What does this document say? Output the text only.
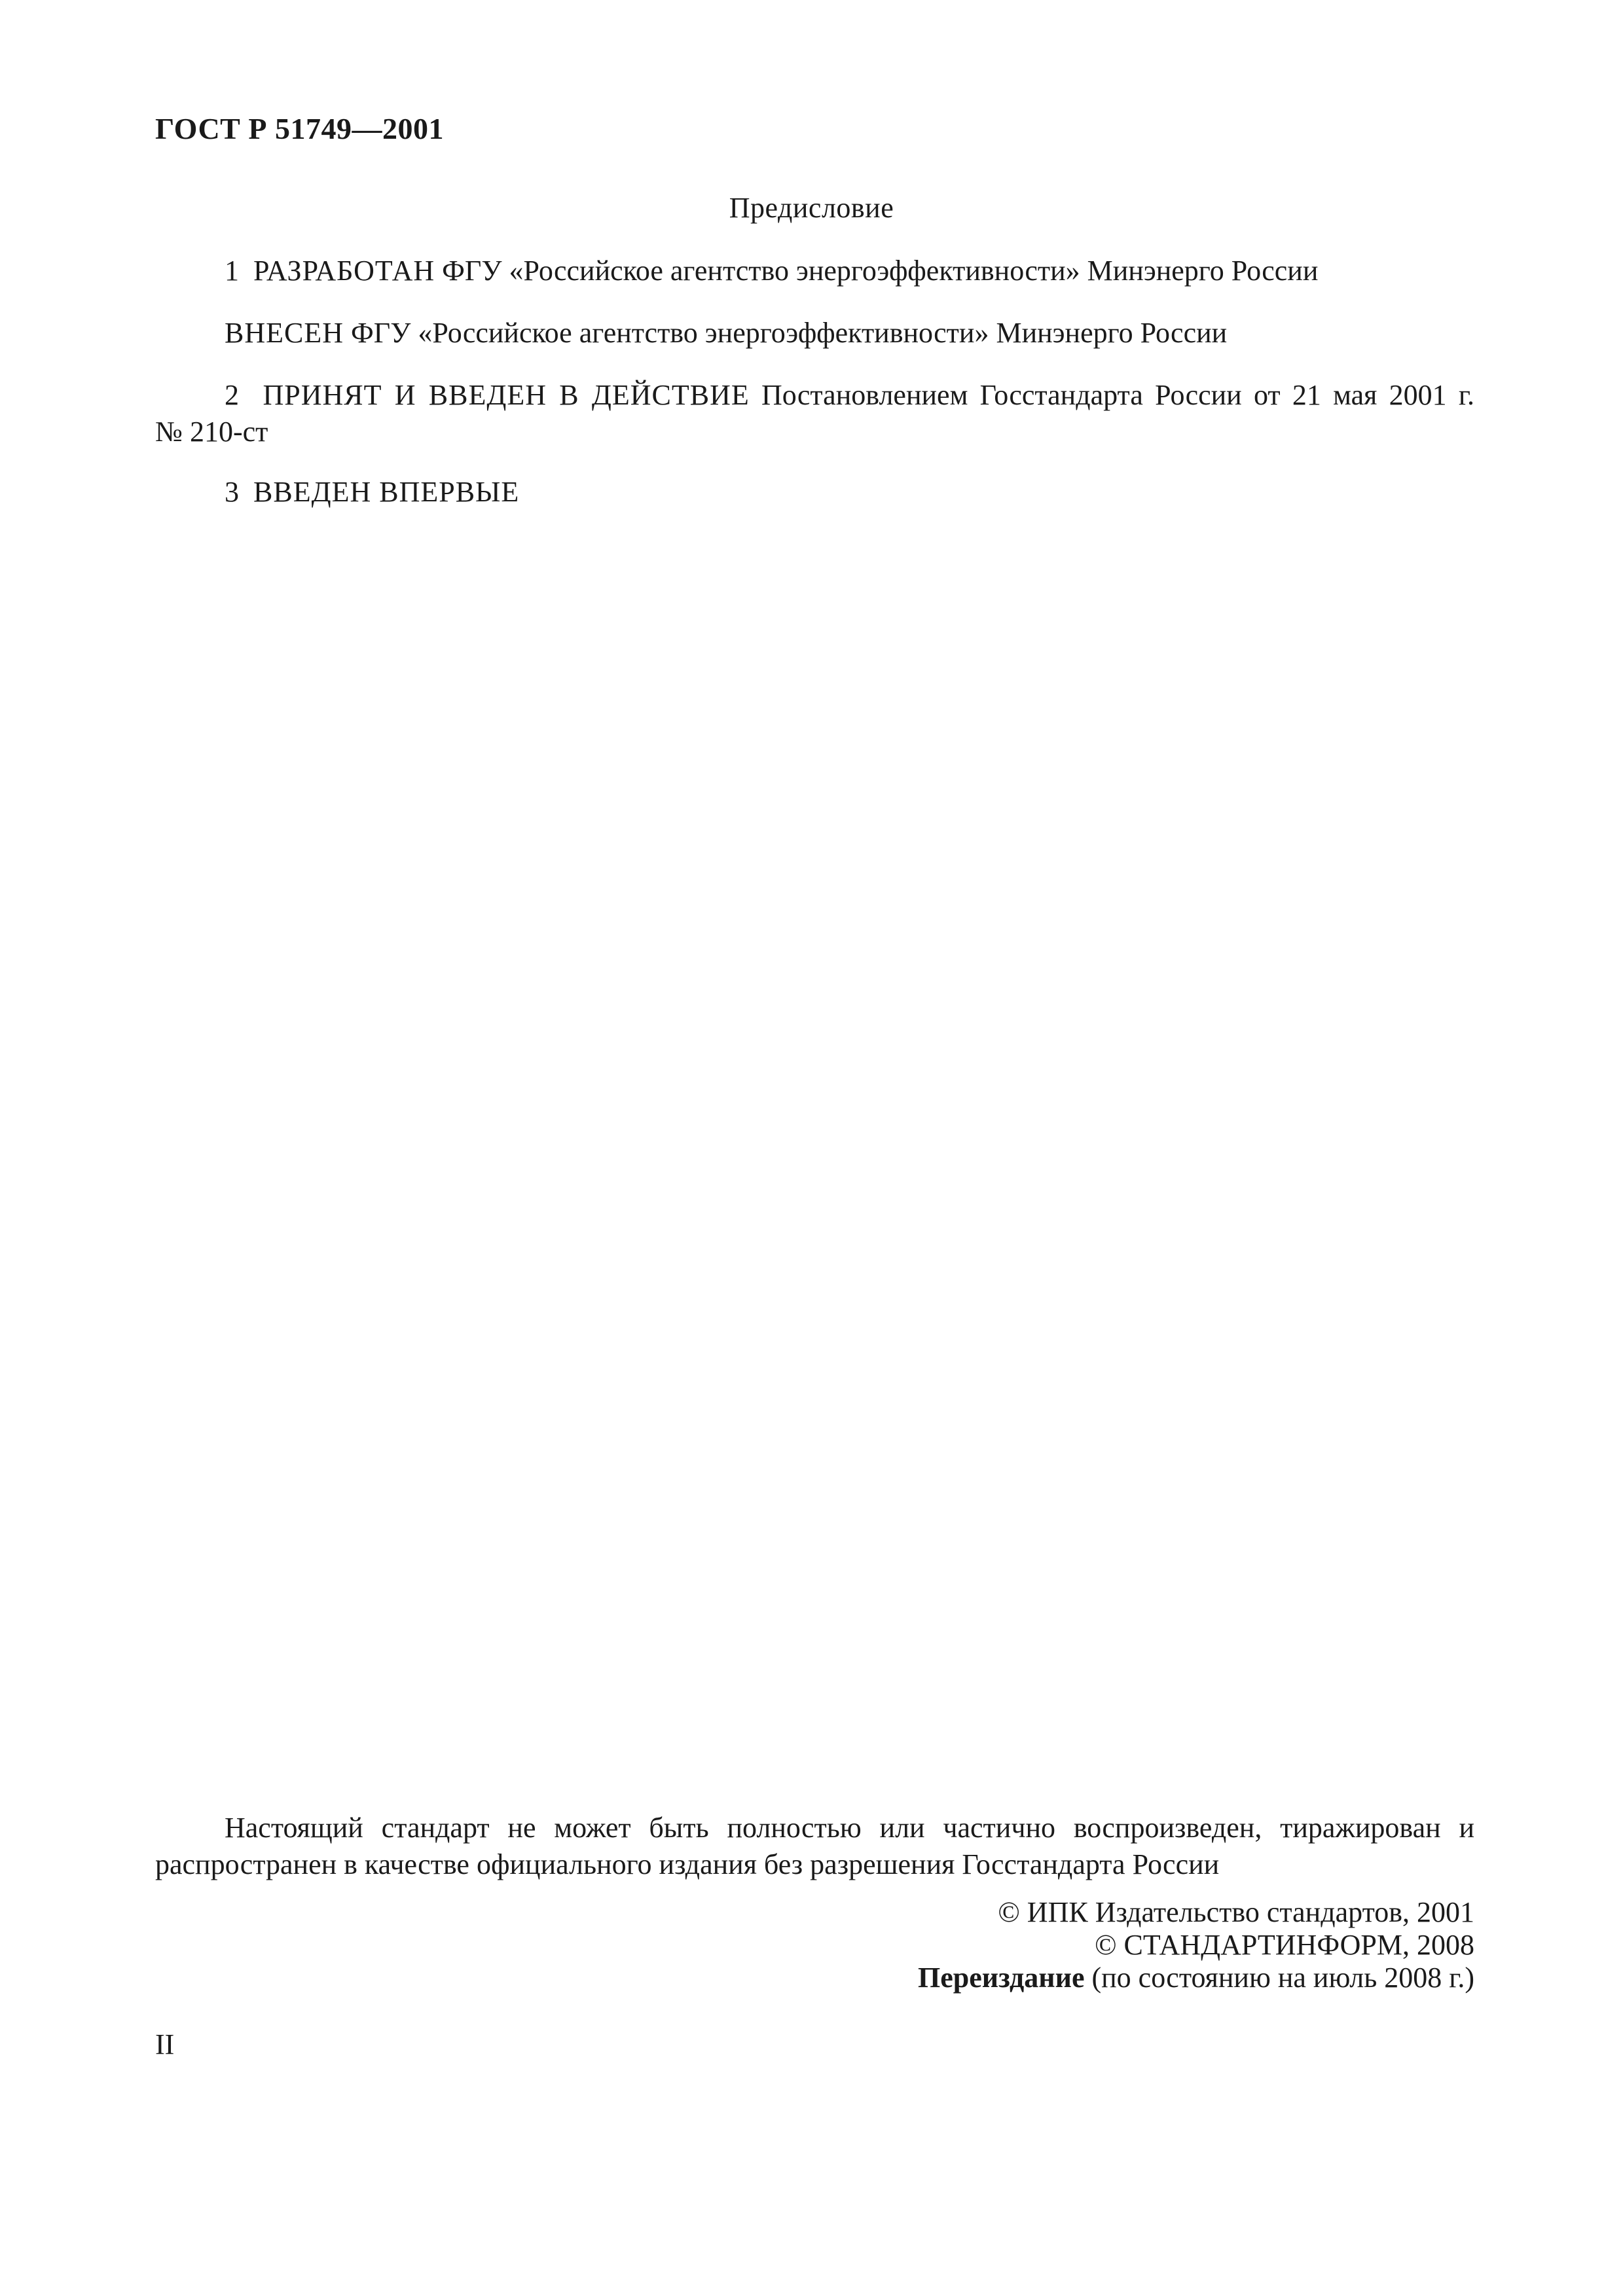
ГОСТ Р 51749—2001
Предисловие
1 РАЗРАБОТАН ФГУ «Российское агентство энергоэффективности» Минэнерго России
ВНЕСЕН ФГУ «Российское агентство энергоэффективности» Минэнерго России
2 ПРИНЯТ И ВВЕДЕН В ДЕЙСТВИЕ Постановлением Госстандарта России от 21 мая 2001 г.
№ 210-ст
3 ВВЕДЕН ВПЕРВЫЕ
Настоящий стандарт не может быть полностью или частично воспроизведен, тиражирован и
распространен в качестве официального издания без разрешения Госстандарта России
© ИПК Издательство стандартов, 2001
© СТАНДАРТИНФОРМ, 2008
Переиздание (по состоянию на июль 2008 г.)
II
